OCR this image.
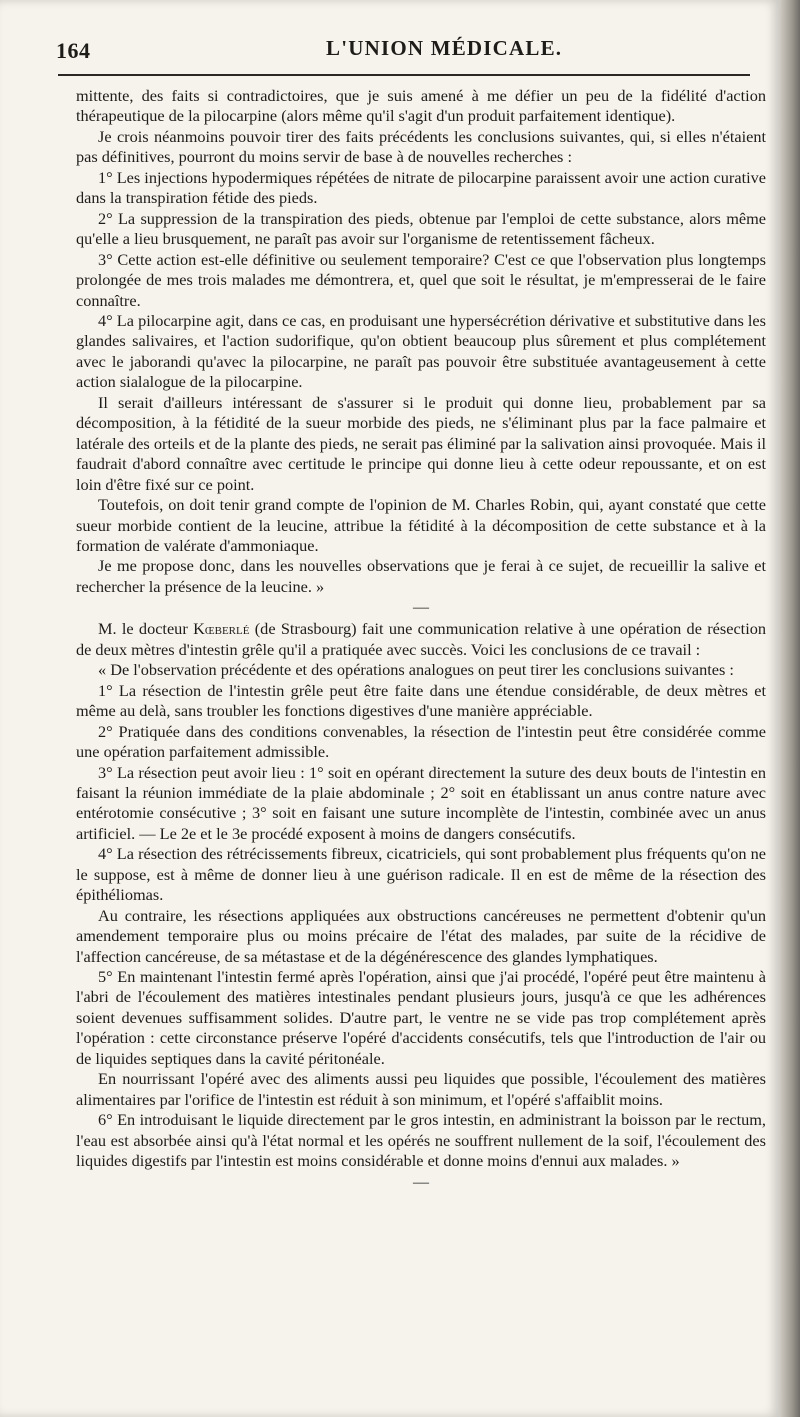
164	L'UNION MÉDICALE.

mittente, des faits si contradictoires, que je suis amené à me défier un peu de la fidélité d'action thérapeutique de la pilocarpine (alors même qu'il s'agit d'un produit parfaitement identique).

Je crois néanmoins pouvoir tirer des faits précédents les conclusions suivantes, qui, si elles n'étaient pas définitives, pourront du moins servir de base à de nouvelles recherches :

1° Les injections hypodermiques répétées de nitrate de pilocarpine paraissent avoir une action curative dans la transpiration fétide des pieds.

2° La suppression de la transpiration des pieds, obtenue par l'emploi de cette substance, alors même qu'elle a lieu brusquement, ne paraît pas avoir sur l'organisme de retentissement fâcheux.

3° Cette action est-elle définitive ou seulement temporaire? C'est ce que l'observation plus longtemps prolongée de mes trois malades me démontrera, et, quel que soit le résultat, je m'empresserai de le faire connaître.

4° La pilocarpine agit, dans ce cas, en produisant une hypersécrétion dérivative et substitutive dans les glandes salivaires, et l'action sudorifique, qu'on obtient beaucoup plus sûrement et plus complétement avec le jaborandi qu'avec la pilocarpine, ne paraît pas pouvoir être substituée avantageusement à cette action sialalogue de la pilocarpine.

Il serait d'ailleurs intéressant de s'assurer si le produit qui donne lieu, probablement par sa décomposition, à la fétidité de la sueur morbide des pieds, ne s'éliminant plus par la face palmaire et latérale des orteils et de la plante des pieds, ne serait pas éliminé par la salivation ainsi provoquée. Mais il faudrait d'abord connaître avec certitude le principe qui donne lieu à cette odeur repoussante, et on est loin d'être fixé sur ce point.

Toutefois, on doit tenir grand compte de l'opinion de M. Charles Robin, qui, ayant constaté que cette sueur morbide contient de la leucine, attribue la fétidité à la décomposition de cette substance et à la formation de valérate d'ammoniaque.

Je me propose donc, dans les nouvelles observations que je ferai à ce sujet, de recueillir la salive et rechercher la présence de la leucine. »

—

M. le docteur Kœberlé (de Strasbourg) fait une communication relative à une opération de résection de deux mètres d'intestin grêle qu'il a pratiquée avec succès. Voici les conclusions de ce travail :

« De l'observation précédente et des opérations analogues on peut tirer les conclusions suivantes :

1° La résection de l'intestin grêle peut être faite dans une étendue considérable, de deux mètres et même au delà, sans troubler les fonctions digestives d'une manière appréciable.

2° Pratiquée dans des conditions convenables, la résection de l'intestin peut être considérée comme une opération parfaitement admissible.

3° La résection peut avoir lieu : 1° soit en opérant directement la suture des deux bouts de l'intestin en faisant la réunion immédiate de la plaie abdominale ; 2° soit en établissant un anus contre nature avec entérotomie consécutive ; 3° soit en faisant une suture incomplète de l'intestin, combinée avec un anus artificiel. — Le 2e et le 3e procédé exposent à moins de dangers consécutifs.

4° La résection des rétrécissements fibreux, cicatriciels, qui sont probablement plus fréquents qu'on ne le suppose, est à même de donner lieu à une guérison radicale. Il en est de même de la résection des épithéliomas.

Au contraire, les résections appliquées aux obstructions cancéreuses ne permettent d'obtenir qu'un amendement temporaire plus ou moins précaire de l'état des malades, par suite de la récidive de l'affection cancéreuse, de sa métastase et de la dégénérescence des glandes lymphatiques.

5° En maintenant l'intestin fermé après l'opération, ainsi que j'ai procédé, l'opéré peut être maintenu à l'abri de l'écoulement des matières intestinales pendant plusieurs jours, jusqu'à ce que les adhérences soient devenues suffisamment solides. D'autre part, le ventre ne se vide pas trop complétement après l'opération : cette circonstance préserve l'opéré d'accidents consécutifs, tels que l'introduction de l'air ou de liquides septiques dans la cavité péritonéale.

En nourrissant l'opéré avec des aliments aussi peu liquides que possible, l'écoulement des matières alimentaires par l'orifice de l'intestin est réduit à son minimum, et l'opéré s'affaiblit moins.

6° En introduisant le liquide directement par le gros intestin, en administrant la boisson par le rectum, l'eau est absorbée ainsi qu'à l'état normal et les opérés ne souffrent nullement de la soif, l'écoulement des liquides digestifs par l'intestin est moins considérable et donne moins d'ennui aux malades. »

—
